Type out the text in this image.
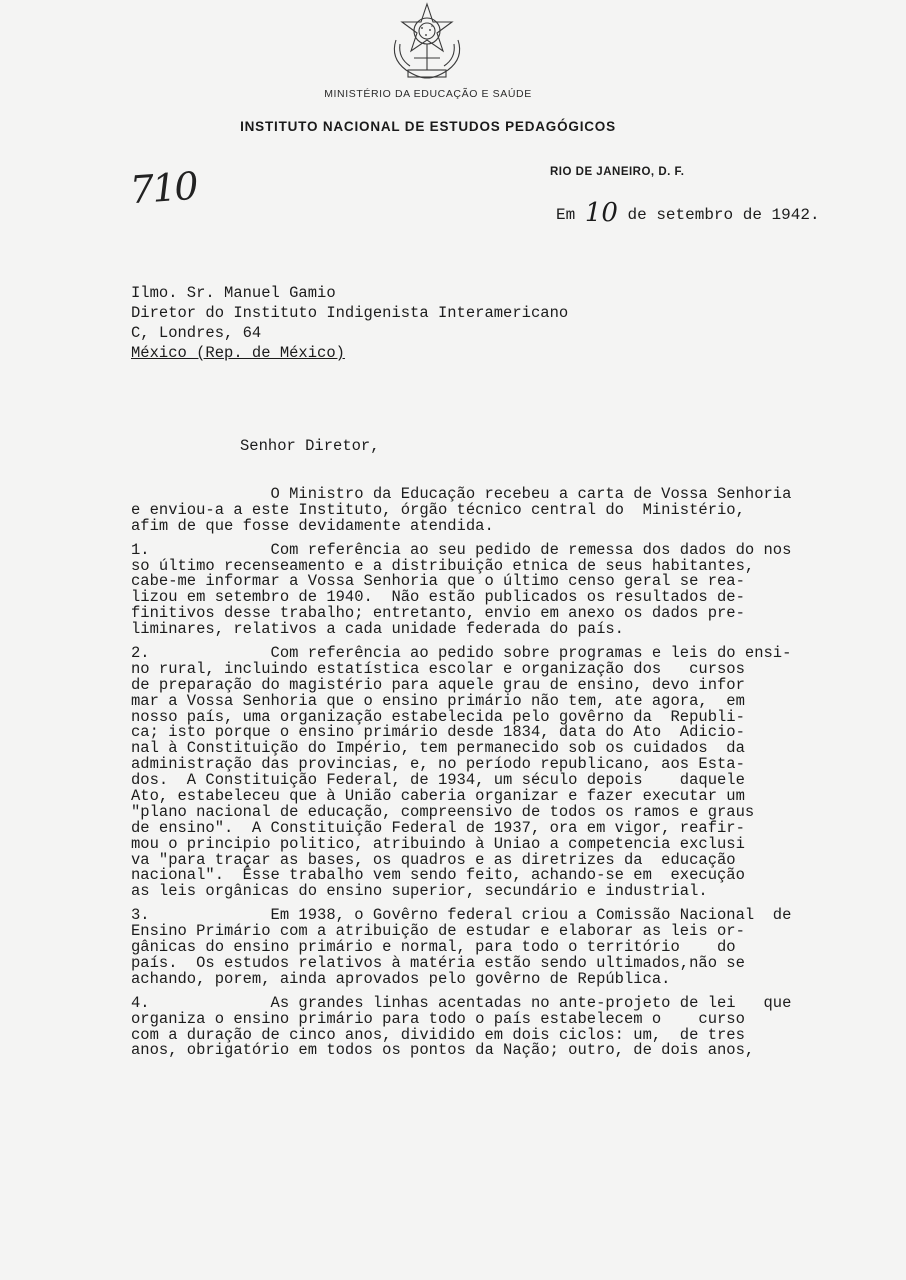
MINISTÉRIO DA EDUCAÇÃO E SAÚDE
INSTITUTO NACIONAL DE ESTUDOS PEDAGÓGICOS
RIO DE JANEIRO, D. F.
710
Em 10 de setembro de 1942.
Ilmo. Sr. Manuel Gamio
Diretor do Instituto Indigenista Interamericano
C, Londres, 64
México (Rep. de México)
Senhor Diretor,
O Ministro da Educação recebeu a carta de Vossa Senhoria
e enviou-a a este Instituto, órgão técnico central do  Ministério,
afim de que fosse devidamente atendida.
1.             Com referência ao seu pedido de remessa dos dados do nos
so último recenseamento e a distribuição etnica de seus habitantes,
cabe-me informar a Vossa Senhoria que o último censo geral se rea-
lizou em setembro de 1940.  Não estão publicados os resultados de-
finitivos desse trabalho; entretanto, envio em anexo os dados pre-
liminares, relativos a cada unidade federada do país.
2.             Com referência ao pedido sobre programas e leis do ensi-
no rural, incluindo estatística escolar e organização dos   cursos
de preparação do magistério para aquele grau de ensino, devo infor
mar a Vossa Senhoria que o ensino primário não tem, ate agora,  em
nosso país, uma organização estabelecida pelo govêrno da  Republi-
ca; isto porque o ensino primário desde 1834, data do Ato  Adicio-
nal à Constituição do Império, tem permanecido sob os cuidados  da
administração das provincias, e, no período republicano, aos Esta-
dos.  A Constituição Federal, de 1934, um século depois    daquele
Ato, estabeleceu que à União caberia organizar e fazer executar um
"plano nacional de educação, compreensivo de todos os ramos e graus
de ensino".  A Constituição Federal de 1937, ora em vigor, reafir-
mou o principio politico, atribuindo à Uniao a competencia exclusi
va "para traçar as bases, os quadros e as diretrizes da  educação
nacional".  Êsse trabalho vem sendo feito, achando-se em  execução
as leis orgânicas do ensino superior, secundário e industrial.
3.             Em 1938, o Govêrno federal criou a Comissão Nacional  de
Ensino Primário com a atribuição de estudar e elaborar as leis or-
gânicas do ensino primário e normal, para todo o território    do
país.  Os estudos relativos à matéria estão sendo ultimados,não se
achando, porem, ainda aprovados pelo govêrno de República.
4.             As grandes linhas acentadas no ante-projeto de lei   que
organiza o ensino primário para todo o país estabelecem o    curso
com a duração de cinco anos, dividido em dois ciclos: um,  de tres
anos, obrigatório em todos os pontos da Nação; outro, de dois anos,
